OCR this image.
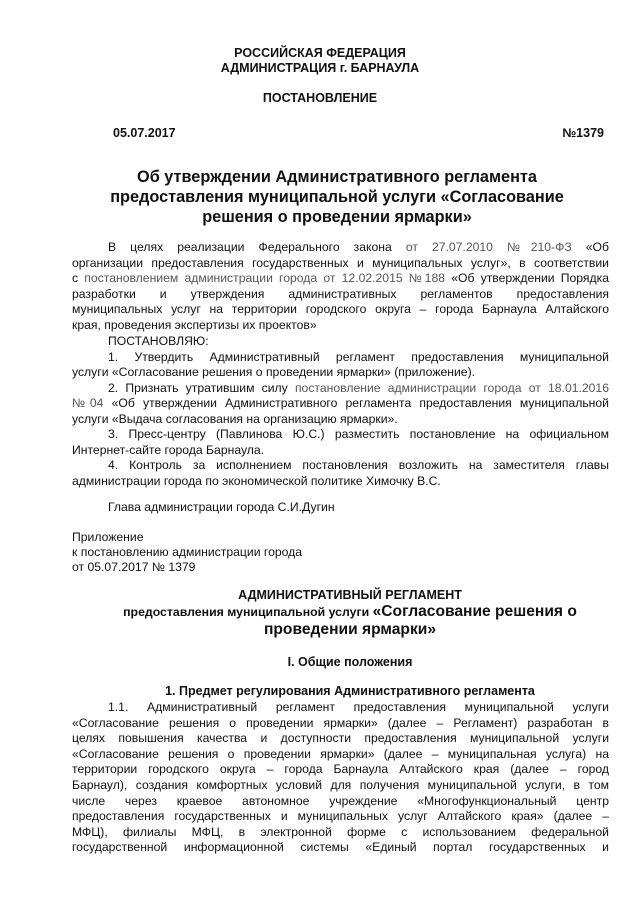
РОССИЙСКАЯ ФЕДЕРАЦИЯ
АДМИНИСТРАЦИЯ г. БАРНАУЛА
ПОСТАНОВЛЕНИЕ
05.07.2017	№1379
Об утверждении Административного регламента
предоставления муниципальной услуги «Согласование
решения о проведении ярмарки»
В целях реализации Федерального закона от 27.07.2010 №210-ФЗ «Об
организации предоставления государственных и муниципальных услуг», в соответствии
с постановлением администрации города от 12.02.2015 №188 «Об утверждении Порядка
разработки и утверждения административных регламентов предоставления
муниципальных услуг на территории городского округа – города Барнаула Алтайского
края, проведения экспертизы их проектов»
ПОСТАНОВЛЯЮ:
1. Утвердить Административный регламент предоставления муниципальной
услуги «Согласование решения о проведении ярмарки» (приложение).
2. Признать утратившим силу постановление администрации города от 18.01.2016
№04 «Об утверждении Административного регламента предоставления муниципальной
услуги «Выдача согласования на организацию ярмарки».
3. Пресс-центру (Павлинова Ю.С.) разместить постановление на официальном
Интернет-сайте города Барнаула.
4. Контроль за исполнением постановления возложить на заместителя главы
администрации города по экономической политике Химочку В.С.
Глава администрации города С.И.Дугин
1.1. Административный регламент предоставления муниципальной услуги
«Согласование решения о проведении ярмарки» (далее – Регламент) разработан в
целях повышения качества и доступности предоставления муниципальной услуги
«Согласование решения о проведении ярмарки» (далее – муниципальная услуга) на
территории городского округа – города Барнаула Алтайского края (далее – город
Барнаул), создания комфортных условий для получения муниципальной услуги, в том
числе через краевое автономное учреждение «Многофункциональный центр
предоставления государственных и муниципальных услуг Алтайского края» (далее –
МФЦ), филиалы МФЦ, в электронной форме с использованием федеральной
государственной информационной системы «Единый портал государственных и
Приложение
к постановлению администрации города
от 05.07.2017 № 1379
АДМИНИСТРАТИВНЫЙ РЕГЛАМЕНТ
предоставления муниципальной услуги «Согласование решения о
проведении ярмарки»
I. Общие положения
1. Предмет регулирования Административного регламента
